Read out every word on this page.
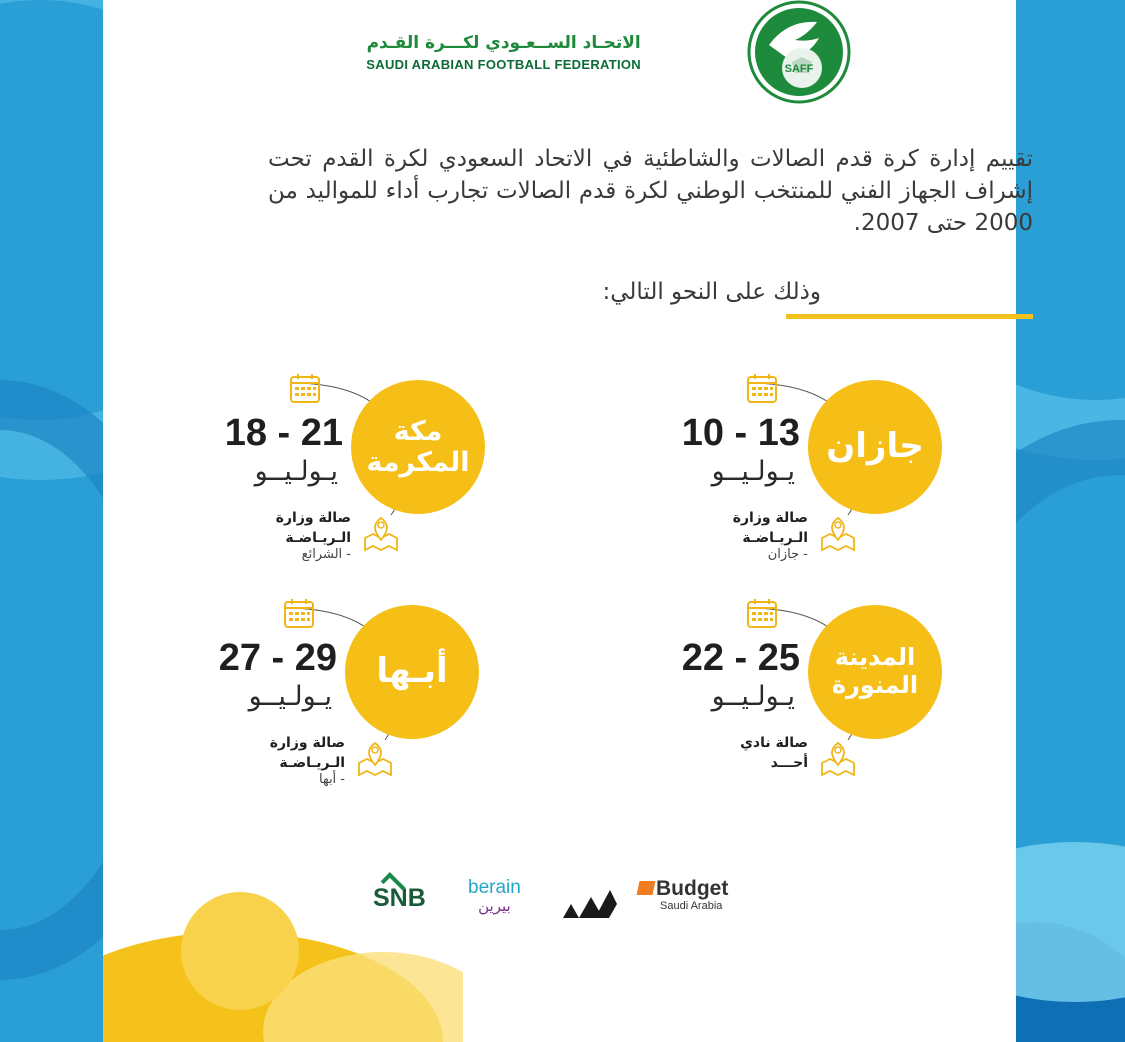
الاتحـاد الســعـودي لكـــرة القـدم
SAUDI ARABIAN FOOTBALL FEDERATION	SAFF
تقييم إدارة كرة قدم الصالات والشاطئية في الاتحاد السعودي لكرة القدم تحت إشراف الجهاز الفني للمنتخب الوطني لكرة قدم الصالات تجارب أداء للمواليد من 2000 حتى 2007.
وذلك على النحو التالي:
جازان
10 - 13
يـولـيــو
صالة وزارة الـريـاضـة
- جازان
مكة المكرمة
18 - 21
يـولـيــو
صالة وزارة الـريـاضـة
- الشرائع
المدينة المنورة
22 - 25
يـولـيــو
صالة نادي أحـــد
أبـها
27 - 29
يـولـيــو
صالة وزارة الـريـاضـة
- أبها
SNB berain
بيرين
Budget
Saudi Arabia
